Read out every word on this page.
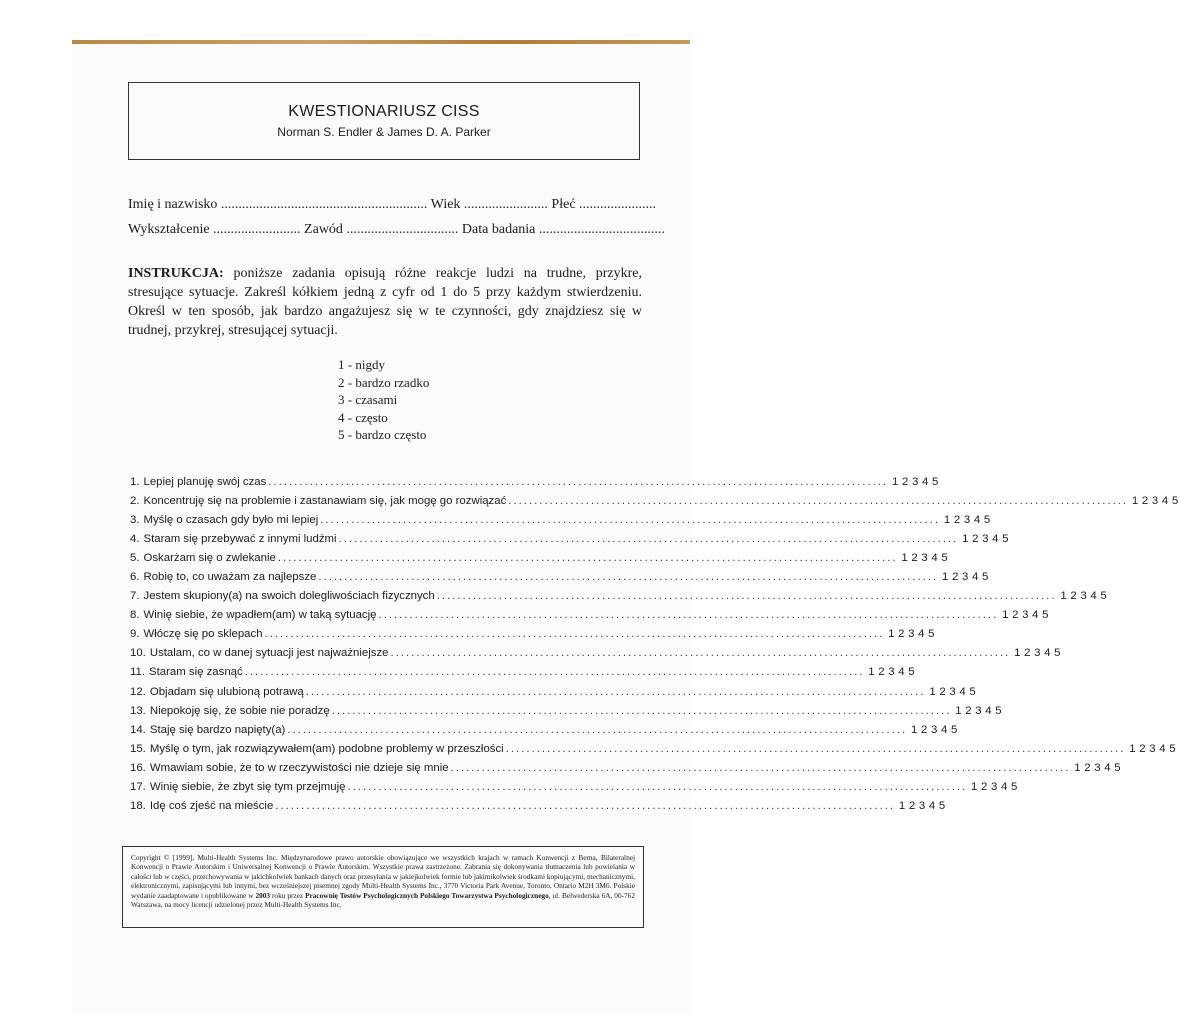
KWESTIONARIUSZ CISS
Norman S. Endler & James D. A. Parker
Imię i nazwisko ........................................................... Wiek ........................ Płeć ......................
Wykształcenie ......................... Zawód ................................ Data badania ....................................
INSTRUKCJA: poniższe zadania opisują różne reakcje ludzi na trudne, przykre, stresujące sytuacje. Zakreśl kółkiem jedną z cyfr od 1 do 5 przy każdym stwierdzeniu. Określ w ten sposób, jak bardzo angażujesz się w te czynności, gdy znajdziesz się w trudnej, przykrej, stresującej sytuacji.
1 - nigdy
2 - bardzo rzadko
3 - czasami
4 - często
5 - bardzo często
1. Lepiej planuję swój czas ........................................................................................................................ 1 2 3 4 5
2. Koncentruję się na problemie i zastanawiam się, jak mogę go rozwiązać ........................................................................................................................ 1 2 3 4 5
3. Myślę o czasach gdy było mi lepiej ........................................................................................................................ 1 2 3 4 5
4. Staram się przebywać z innymi ludźmi ........................................................................................................................ 1 2 3 4 5
5. Oskarżam się o zwlekanie ........................................................................................................................ 1 2 3 4 5
6. Robię to, co uważam za najlepsze ........................................................................................................................ 1 2 3 4 5
7. Jestem skupiony(a) na swoich dolegliwościach fizycznych ........................................................................................................................ 1 2 3 4 5
8. Winię siebie, że wpadłem(am) w taką sytuację ........................................................................................................................ 1 2 3 4 5
9. Włóczę się po sklepach ........................................................................................................................ 1 2 3 4 5
10. Ustalam, co w danej sytuacji jest najważniejsze ........................................................................................................................ 1 2 3 4 5
11. Staram się zasnąć ........................................................................................................................ 1 2 3 4 5
12. Objadam się ulubioną potrawą ........................................................................................................................ 1 2 3 4 5
13. Niepokoję się, że sobie nie poradzę ........................................................................................................................ 1 2 3 4 5
14. Staję się bardzo napięty(a) ........................................................................................................................ 1 2 3 4 5
15. Myślę o tym, jak rozwiązywałem(am) podobne problemy w przeszłości ........................................................................................................................ 1 2 3 4 5
16. Wmawiam sobie, że to w rzeczywistości nie dzieje się mnie ........................................................................................................................ 1 2 3 4 5
17. Winię siebie, że zbyt się tym przejmuję ........................................................................................................................ 1 2 3 4 5
18. Idę coś zjeść na mieście ........................................................................................................................ 1 2 3 4 5
Copyright © [1999], Multi-Health Systems Inc. Międzynarodowe prawo autorskie obowiązujące we wszystkich krajach w ramach Konwencji z Berna, Bilateralnej Konwencji o Prawie Autorskim i Uniwersalnej Konwencji o Prawie Autorskim. Wszystkie prawa zastrzeżone. Zabrania się dokonywania tłumaczenia lub powielania w całości lub w części, przechowywania w jakichkolwiek bankach danych oraz przesyłania w jakiejkolwiek formie lub jakimikolwiek środkami kopiującymi, mechanicznymi, elektronicznymi, zapisującymi lub innymi, bez wcześniejszej pisemnej zgody Multi-Health Systems Inc., 3770 Victoria Park Avenue, Toronto, Ontario M2H 3M6. Polskie wydanie zaadaptowane i opublikowane w 2003 roku przez Pracownię Testów Psychologicznych Polskiego Towarzystwa Psychologicznego, ul. Belwederska 6A, 00-762 Warszawa, na mocy licencji udzielonej przez Multi-Health Systems Inc.
